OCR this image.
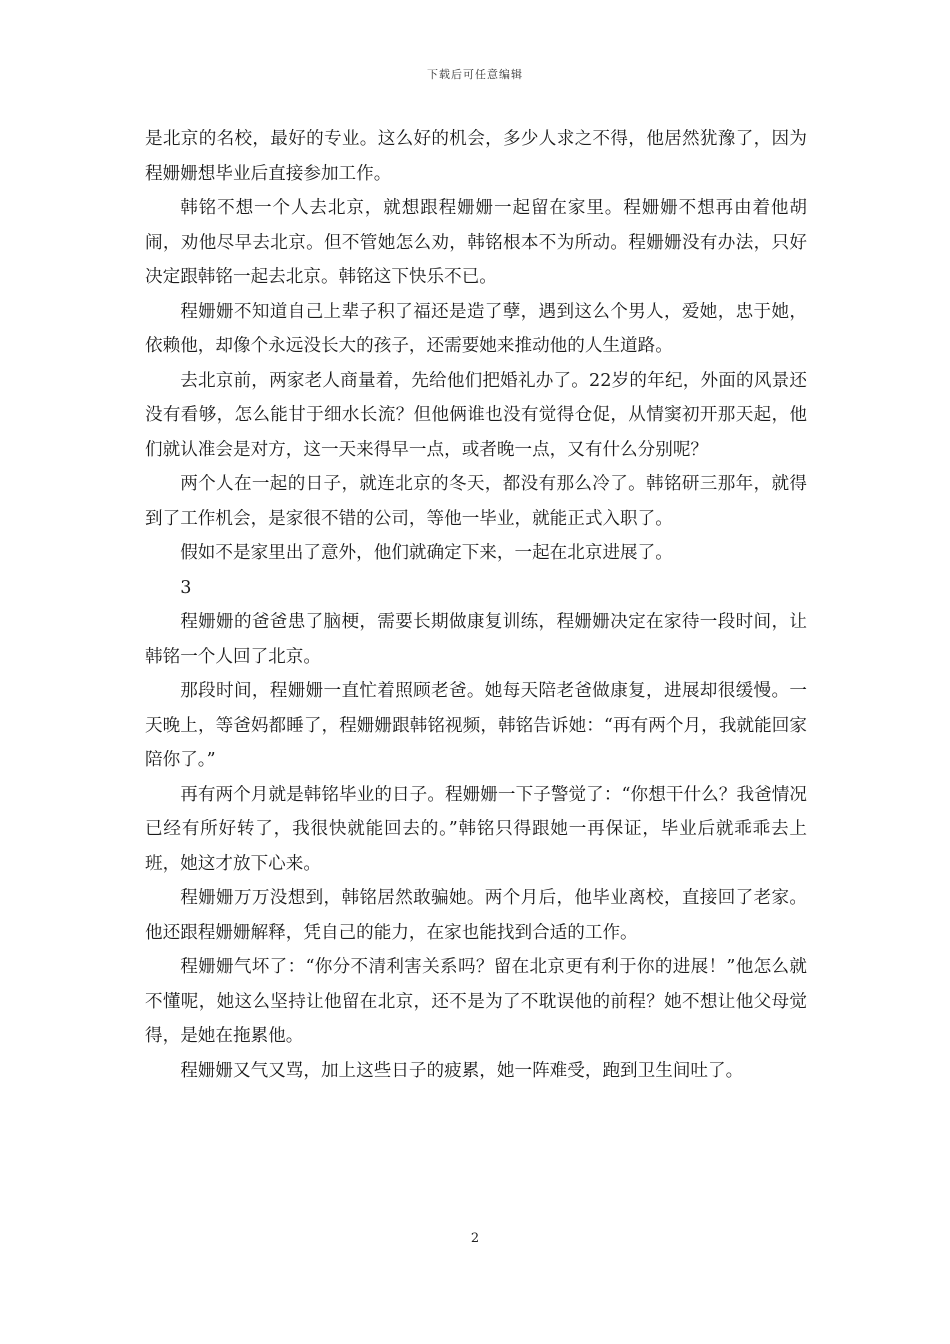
下载后可任意编辑

是北京的名校，最好的专业。这么好的机会，多少人求之不得，他居然犹豫了，因为程姗姗想毕业后直接参加工作。

韩铭不想一个人去北京，就想跟程姗姗一起留在家里。程姗姗不想再由着他胡闹，劝他尽早去北京。但不管她怎么劝，韩铭根本不为所动。程姗姗没有办法，只好决定跟韩铭一起去北京。韩铭这下快乐不已。

程姗姗不知道自己上辈子积了福还是造了孽，遇到这么个男人，爱她，忠于她，依赖他，却像个永远没长大的孩子，还需要她来推动他的人生道路。

去北京前，两家老人商量着，先给他们把婚礼办了。22岁的年纪，外面的风景还没有看够，怎么能甘于细水长流？但他俩谁也没有觉得仓促，从情窦初开那天起，他们就认准会是对方，这一天来得早一点，或者晚一点，又有什么分别呢？

两个人在一起的日子，就连北京的冬天，都没有那么冷了。韩铭研三那年，就得到了工作机会，是家很不错的公司，等他一毕业，就能正式入职了。

假如不是家里出了意外，他们就确定下来，一起在北京进展了。

3

程姗姗的爸爸患了脑梗，需要长期做康复训练，程姗姗决定在家待一段时间，让韩铭一个人回了北京。

那段时间，程姗姗一直忙着照顾老爸。她每天陪老爸做康复，进展却很缓慢。一天晚上，等爸妈都睡了，程姗姗跟韩铭视频，韩铭告诉她：“再有两个月，我就能回家陪你了。”

再有两个月就是韩铭毕业的日子。程姗姗一下子警觉了：“你想干什么？我爸情况已经有所好转了，我很快就能回去的。”韩铭只得跟她一再保证，毕业后就乖乖去上班，她这才放下心来。

程姗姗万万没想到，韩铭居然敢骗她。两个月后，他毕业离校，直接回了老家。他还跟程姗姗解释，凭自己的能力，在家也能找到合适的工作。

程姗姗气坏了：“你分不清利害关系吗？留在北京更有利于你的进展！”他怎么就不懂呢，她这么坚持让他留在北京，还不是为了不耽误他的前程？她不想让他父母觉得，是她在拖累他。

程姗姗又气又骂，加上这些日子的疲累，她一阵难受，跑到卫生间吐了。

2
